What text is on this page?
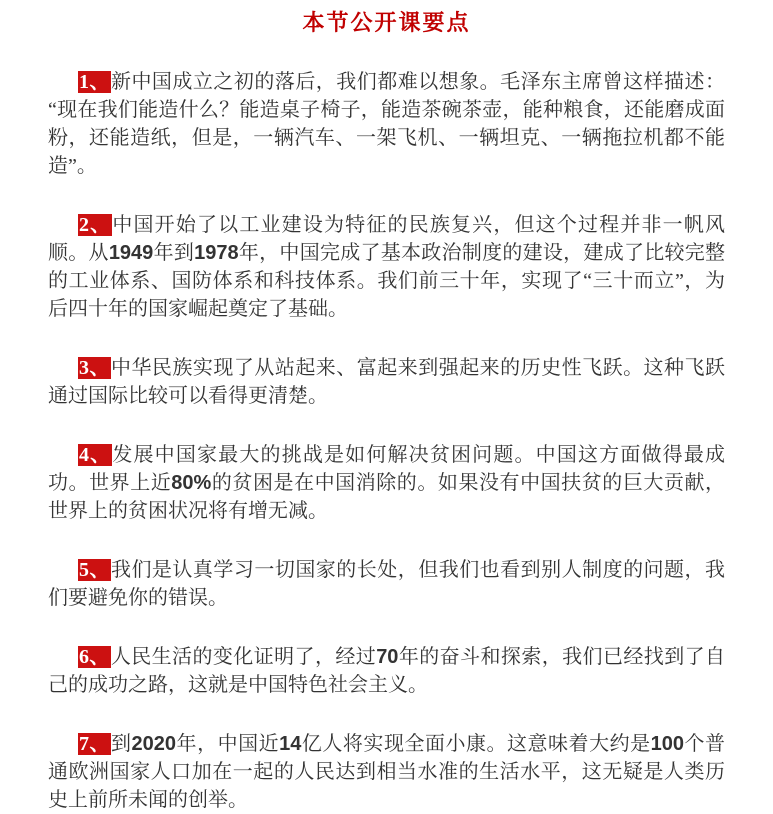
本节公开课要点

1、新中国成立之初的落后，我们都难以想象。毛泽东主席曾这样描述：“现在我们能造什么？能造桌子椅子，能造茶碗茶壶，能种粮食，还能磨成面粉，还能造纸，但是，一辆汽车、一架飞机、一辆坦克、一辆拖拉机都不能造”。

2、中国开始了以工业建设为特征的民族复兴，但这个过程并非一帆风顺。从1949年到1978年，中国完成了基本政治制度的建设，建成了比较完整的工业体系、国防体系和科技体系。我们前三十年，实现了“三十而立”，为后四十年的国家崛起奠定了基础。

3、中华民族实现了从站起来、富起来到强起来的历史性飞跃。这种飞跃通过国际比较可以看得更清楚。

4、发展中国家最大的挑战是如何解决贫困问题。中国这方面做得最成功。世界上近80%的贫困是在中国消除的。如果没有中国扶贫的巨大贡献，世界上的贫困状况将有增无减。

5、我们是认真学习一切国家的长处，但我们也看到别人制度的问题，我们要避免你的错误。

6、人民生活的变化证明了，经过70年的奋斗和探索，我们已经找到了自己的成功之路，这就是中国特色社会主义。

7、到2020年，中国近14亿人将实现全面小康。这意味着大约是100个普通欧洲国家人口加在一起的人民达到相当水准的生活水平，这无疑是人类历史上前所未闻的创举。
